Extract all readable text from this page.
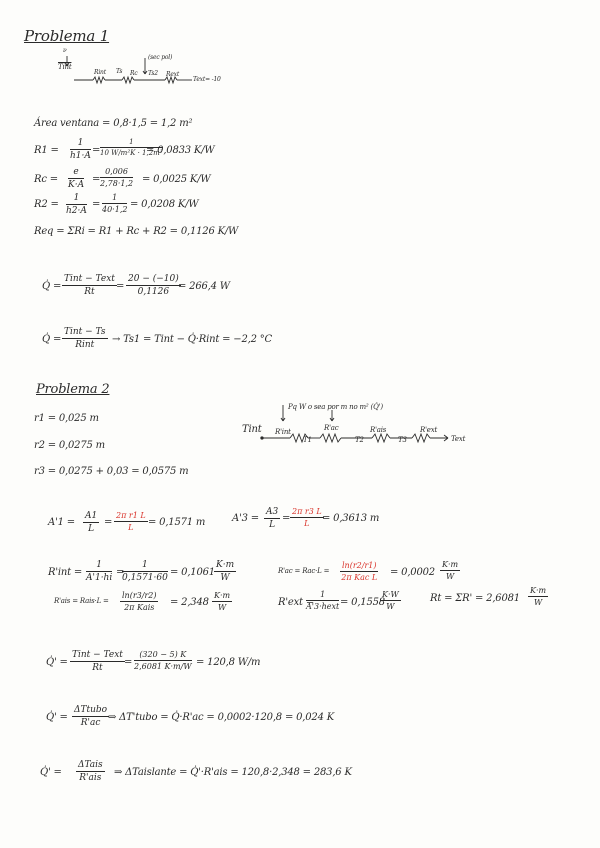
Problema 1
ν
Tint
(sec pol)
Rint Ts Rc Ts2 Rext
Text= -10
Área ventana = 0,8·1,5 = 1,2 m²
$R1 = \frac{1}{h1\cdot A} = \frac{1}{\text{10 W/m²K · 1,2m²}}$
= 0,0833 K/W
$Rc = \frac{e}{K\cdot A} = \frac{0,006}{2,78\cdot 1,2} = 0,0025$ K/W
$R2 = \frac{1}{h2\cdot A} = \frac{1}{40\cdot 1,2} = 0,0208$ K/W
Req = ΣRi = R1 + Rc + R2 = 0,1126 K/W
Q̇ =
Tint − Text
Rt	= $\frac{20 - (-10)}{0,1126}$
= 266,4 W
Q̇ =
Tint − Ts
Rint	→ Ts1 = Tint − Q̇·Rint = −2,2 °C
Problema 2
r1 = 0,025 m
r2 = 0,0275 m
r3 = 0,0275 + 0,03 = 0,0575 m
Pq W o sea por m no m² (Q̇')
Tint R'int
T1
R'ac
T2
R'ais
T3
R'ext
Text
$A'1 = \frac{A1}{L} = \frac{\text{2π r1 L}}{L} = 0,1571$ m	$A'3 = \frac{A3}{L} = \frac{\text{2π r3 L}}{L}$
= 0,3613 m
$R'int = \frac{1}{A'1\cdot hi}$ =
$\frac{1}{0,1571\cdot 60} = 0,1061 \frac{K\cdot m}{W}$	R'ac = Rac·L =
ln(r2/r1)
2π Kac $L = 0,0002 \frac{K\cdot m}{W}$
R'ais = Rais·L =
ln(r3/r2)
2π Kais	= $2,348 \frac{K\cdot m}{W}$	R'ext =
1
A'3·hext = 0,1558
$\frac{K\cdot W}{W}$	$Rt = \Sigma R' = 2,6081 \frac{K\cdot m}{W}$
Q̇' =
Tint − Text
Rt	= $\frac{(320 - 5) K}{2,6081 K\cdot m/W} = 120,8$ W/m
Q̇' =
ΔTtubo
R'ac ⇒ ΔT'tubo = Q̇·R'ac = 0,0002·120,8 = 0,024 K
Q̇' =
ΔTais
R'ais	⇒ ΔTaislante = Q̇'·R'ais = 120,8·2,348 = 283,6 K
